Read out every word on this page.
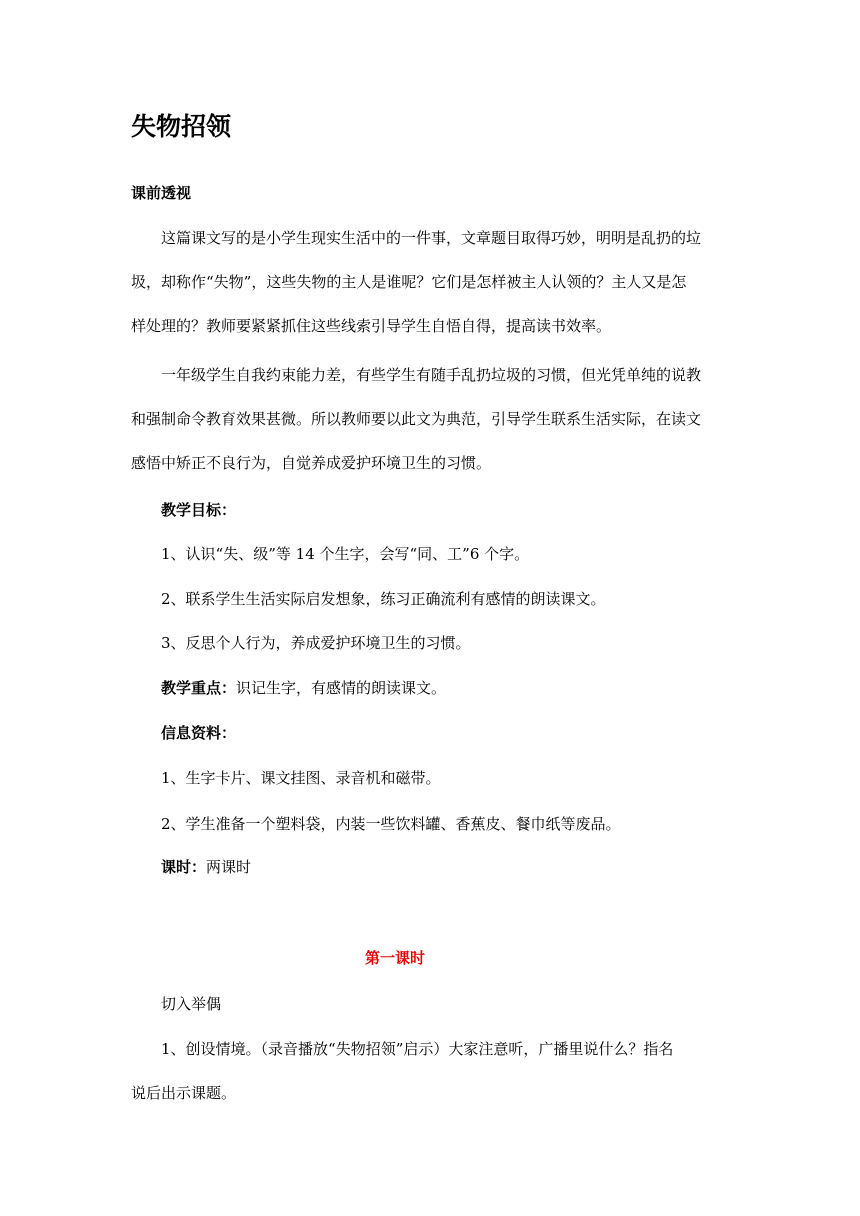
失物招领
课前透视
这篇课文写的是小学生现实生活中的一件事，文章题目取得巧妙，明明是乱扔的垃
圾，却称作“失物”，这些失物的主人是谁呢？它们是怎样被主人认领的？主人又是怎
样处理的？教师要紧紧抓住这些线索引导学生自悟自得，提高读书效率。
一年级学生自我约束能力差，有些学生有随手乱扔垃圾的习惯，但光凭单纯的说教
和强制命令教育效果甚微。所以教师要以此文为典范，引导学生联系生活实际，在读文
感悟中矫正不良行为，自觉养成爱护环境卫生的习惯。
教学目标：
1、认识“失、级”等 14 个生字，会写“同、工”6 个字。
2、联系学生生活实际启发想象，练习正确流利有感情的朗读课文。
3、反思个人行为，养成爱护环境卫生的习惯。
教学重点：识记生字，有感情的朗读课文。
信息资料：
1、生字卡片、课文挂图、录音机和磁带。
2、学生准备一个塑料袋，内装一些饮料罐、香蕉皮、餐巾纸等废品。
课时：两课时
第一课时
切入举偶
1、创设情境。（录音播放“失物招领”启示）大家注意听，广播里说什么？指名
说后出示课题。
